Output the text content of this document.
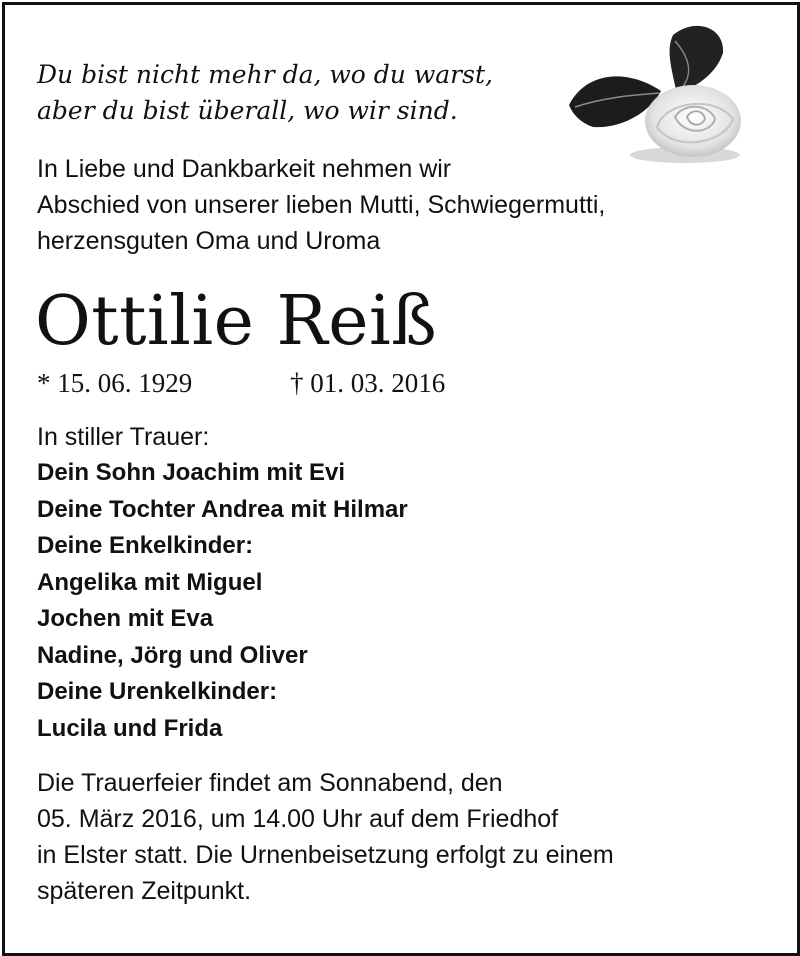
Du bist nicht mehr da, wo du warst,
aber du bist überall, wo wir sind.
In Liebe und Dankbarkeit nehmen wir
Abschied von unserer lieben Mutti, Schwiegermutti,
herzensguten Oma und Uroma
Ottilie Reiß
* 15. 06. 1929	† 01. 03. 2016
In stiller Trauer:
Dein Sohn Joachim mit Evi
Deine Tochter Andrea mit Hilmar
Deine Enkelkinder:
Angelika mit Miguel
Jochen mit Eva
Nadine, Jörg und Oliver
Deine Urenkelkinder:
Lucila und Frida
Die Trauerfeier findet am Sonnabend, den
05. März 2016, um 14.00 Uhr auf dem Friedhof
in Elster statt. Die Urnenbeisetzung erfolgt zu einem
späteren Zeitpunkt.
